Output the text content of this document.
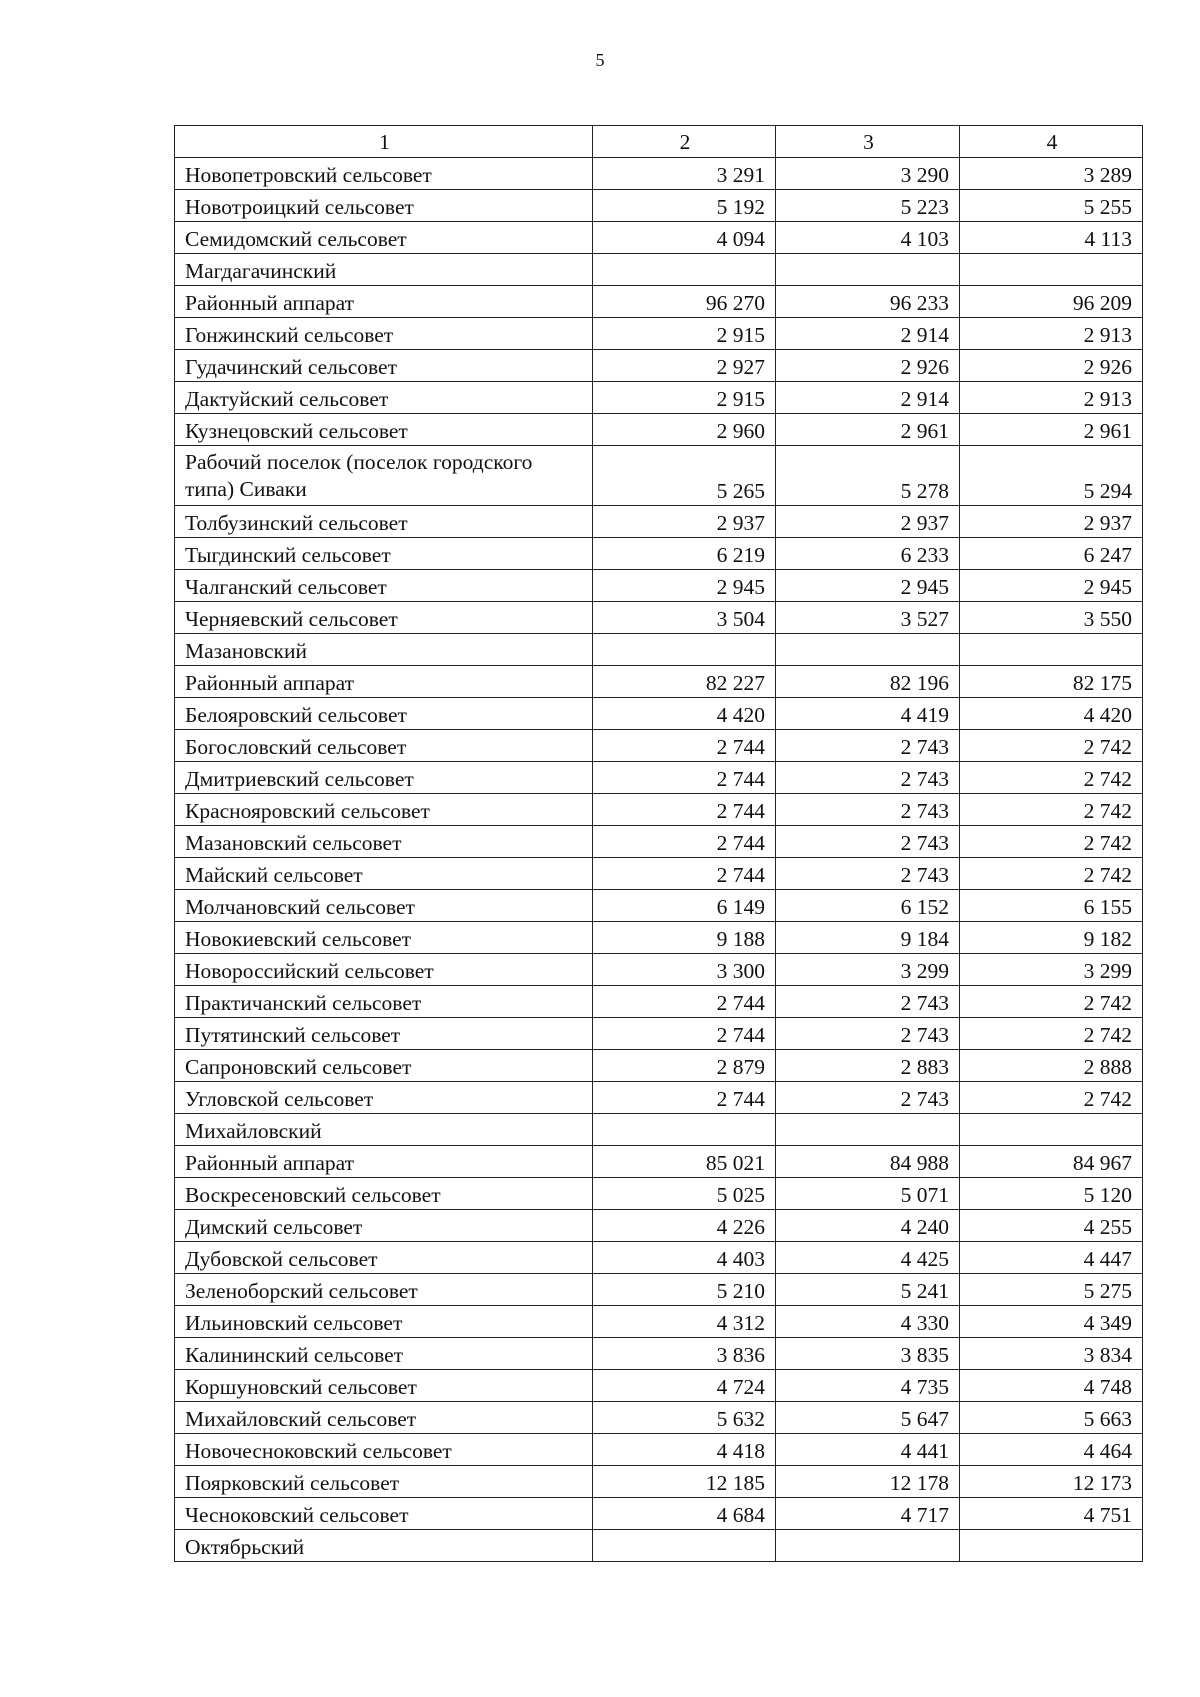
5
1	2	3	4
Новопетровский сельсовет	3 291	3 290	3 289
Новотроицкий сельсовет	5 192	5 223	5 255
Семидомский сельсовет	4 094	4 103	4 113
Магдагачинский			
Районный аппарат	96 270	96 233	96 209
Гонжинский сельсовет	2 915	2 914	2 913
Гудачинский сельсовет	2 927	2 926	2 926
Дактуйский сельсовет	2 915	2 914	2 913
Кузнецовский сельсовет	2 960	2 961	2 961
Рабочий поселок (поселок городского типа) Сиваки	5 265	5 278	5 294
Толбузинский сельсовет	2 937	2 937	2 937
Тыгдинский сельсовет	6 219	6 233	6 247
Чалганский сельсовет	2 945	2 945	2 945
Черняевский сельсовет	3 504	3 527	3 550
Мазановский			
Районный аппарат	82 227	82 196	82 175
Белояровский сельсовет	4 420	4 419	4 420
Богословский сельсовет	2 744	2 743	2 742
Дмитриевский сельсовет	2 744	2 743	2 742
Краснояровский сельсовет	2 744	2 743	2 742
Мазановский сельсовет	2 744	2 743	2 742
Майский сельсовет	2 744	2 743	2 742
Молчановский сельсовет	6 149	6 152	6 155
Новокиевский сельсовет	9 188	9 184	9 182
Новороссийский сельсовет	3 300	3 299	3 299
Практичанский сельсовет	2 744	2 743	2 742
Путятинский сельсовет	2 744	2 743	2 742
Сапроновский сельсовет	2 879	2 883	2 888
Угловской сельсовет	2 744	2 743	2 742
Михайловский			
Районный аппарат	85 021	84 988	84 967
Воскресеновский сельсовет	5 025	5 071	5 120
Димский сельсовет	4 226	4 240	4 255
Дубовской сельсовет	4 403	4 425	4 447
Зеленоборский сельсовет	5 210	5 241	5 275
Ильиновский сельсовет	4 312	4 330	4 349
Калининский сельсовет	3 836	3 835	3 834
Коршуновский сельсовет	4 724	4 735	4 748
Михайловский сельсовет	5 632	5 647	5 663
Новочесноковский сельсовет	4 418	4 441	4 464
Поярковский сельсовет	12 185	12 178	12 173
Чесноковский сельсовет	4 684	4 717	4 751
Октябрьский			
